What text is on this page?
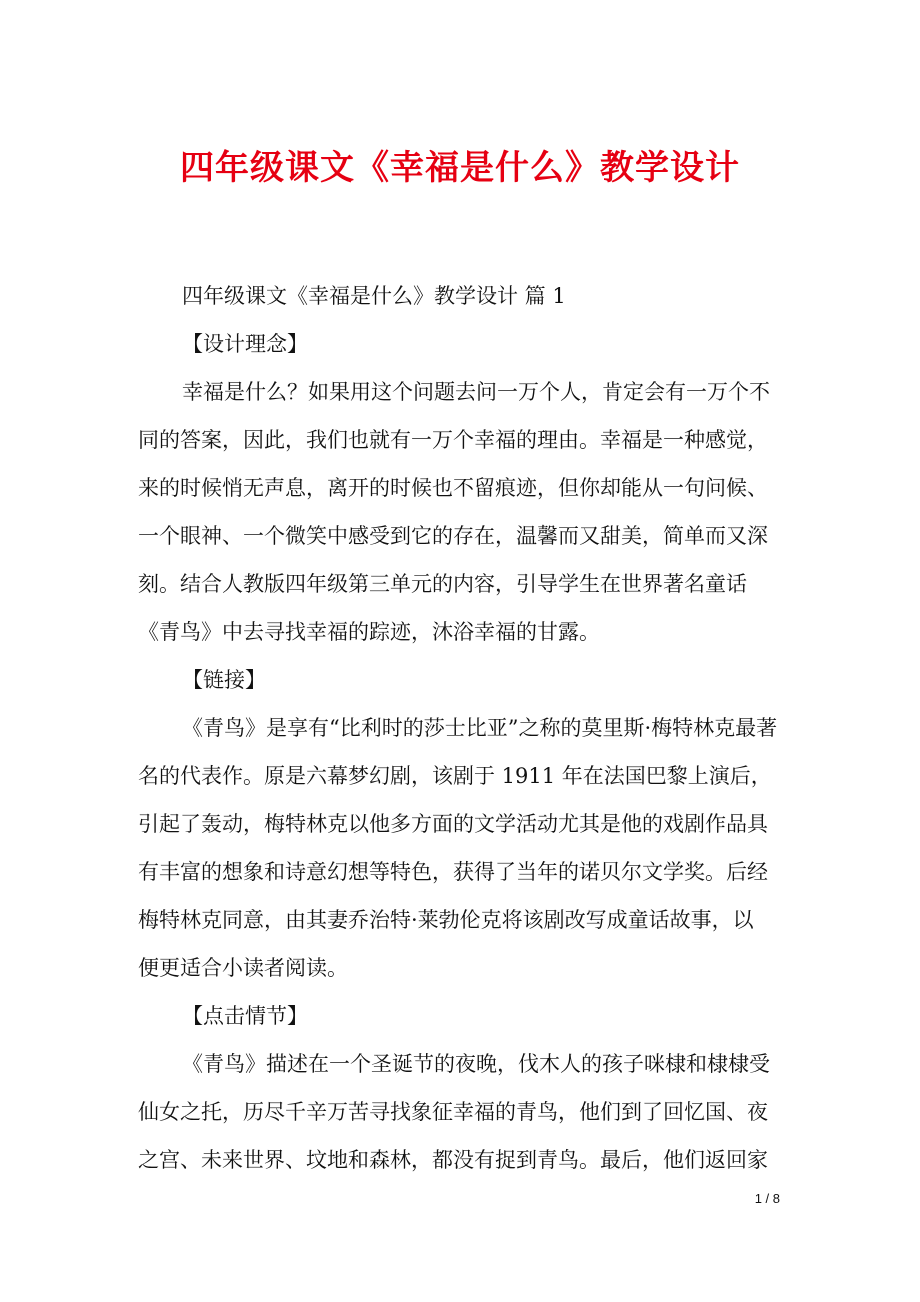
四年级课文《幸福是什么》教学设计
四年级课文《幸福是什么》教学设计 篇 1
【设计理念】
幸福是什么？如果用这个问题去问一万个人，肯定会有一万个不
同的答案，因此，我们也就有一万个幸福的理由。幸福是一种感觉，
来的时候悄无声息，离开的时候也不留痕迹，但你却能从一句问候、
一个眼神、一个微笑中感受到它的存在，温馨而又甜美，简单而又深
刻。结合人教版四年级第三单元的内容，引导学生在世界著名童话
《青鸟》中去寻找幸福的踪迹，沐浴幸福的甘露。
【链接】
《青鸟》是享有“比利时的莎士比亚”之称的莫里斯·梅特林克最著
名的代表作。原是六幕梦幻剧，该剧于 1911 年在法国巴黎上演后，
引起了轰动，梅特林克以他多方面的文学活动尤其是他的戏剧作品具
有丰富的想象和诗意幻想等特色，获得了当年的诺贝尔文学奖。后经
梅特林克同意，由其妻乔治特·莱勃伦克将该剧改写成童话故事，以
便更适合小读者阅读。
【点击情节】
《青鸟》描述在一个圣诞节的夜晚，伐木人的孩子咪棣和棣棣受
仙女之托，历尽千辛万苦寻找象征幸福的青鸟，他们到了回忆国、夜
之宫、未来世界、坟地和森林，都没有捉到青鸟。最后，他们返回家
1 / 8
